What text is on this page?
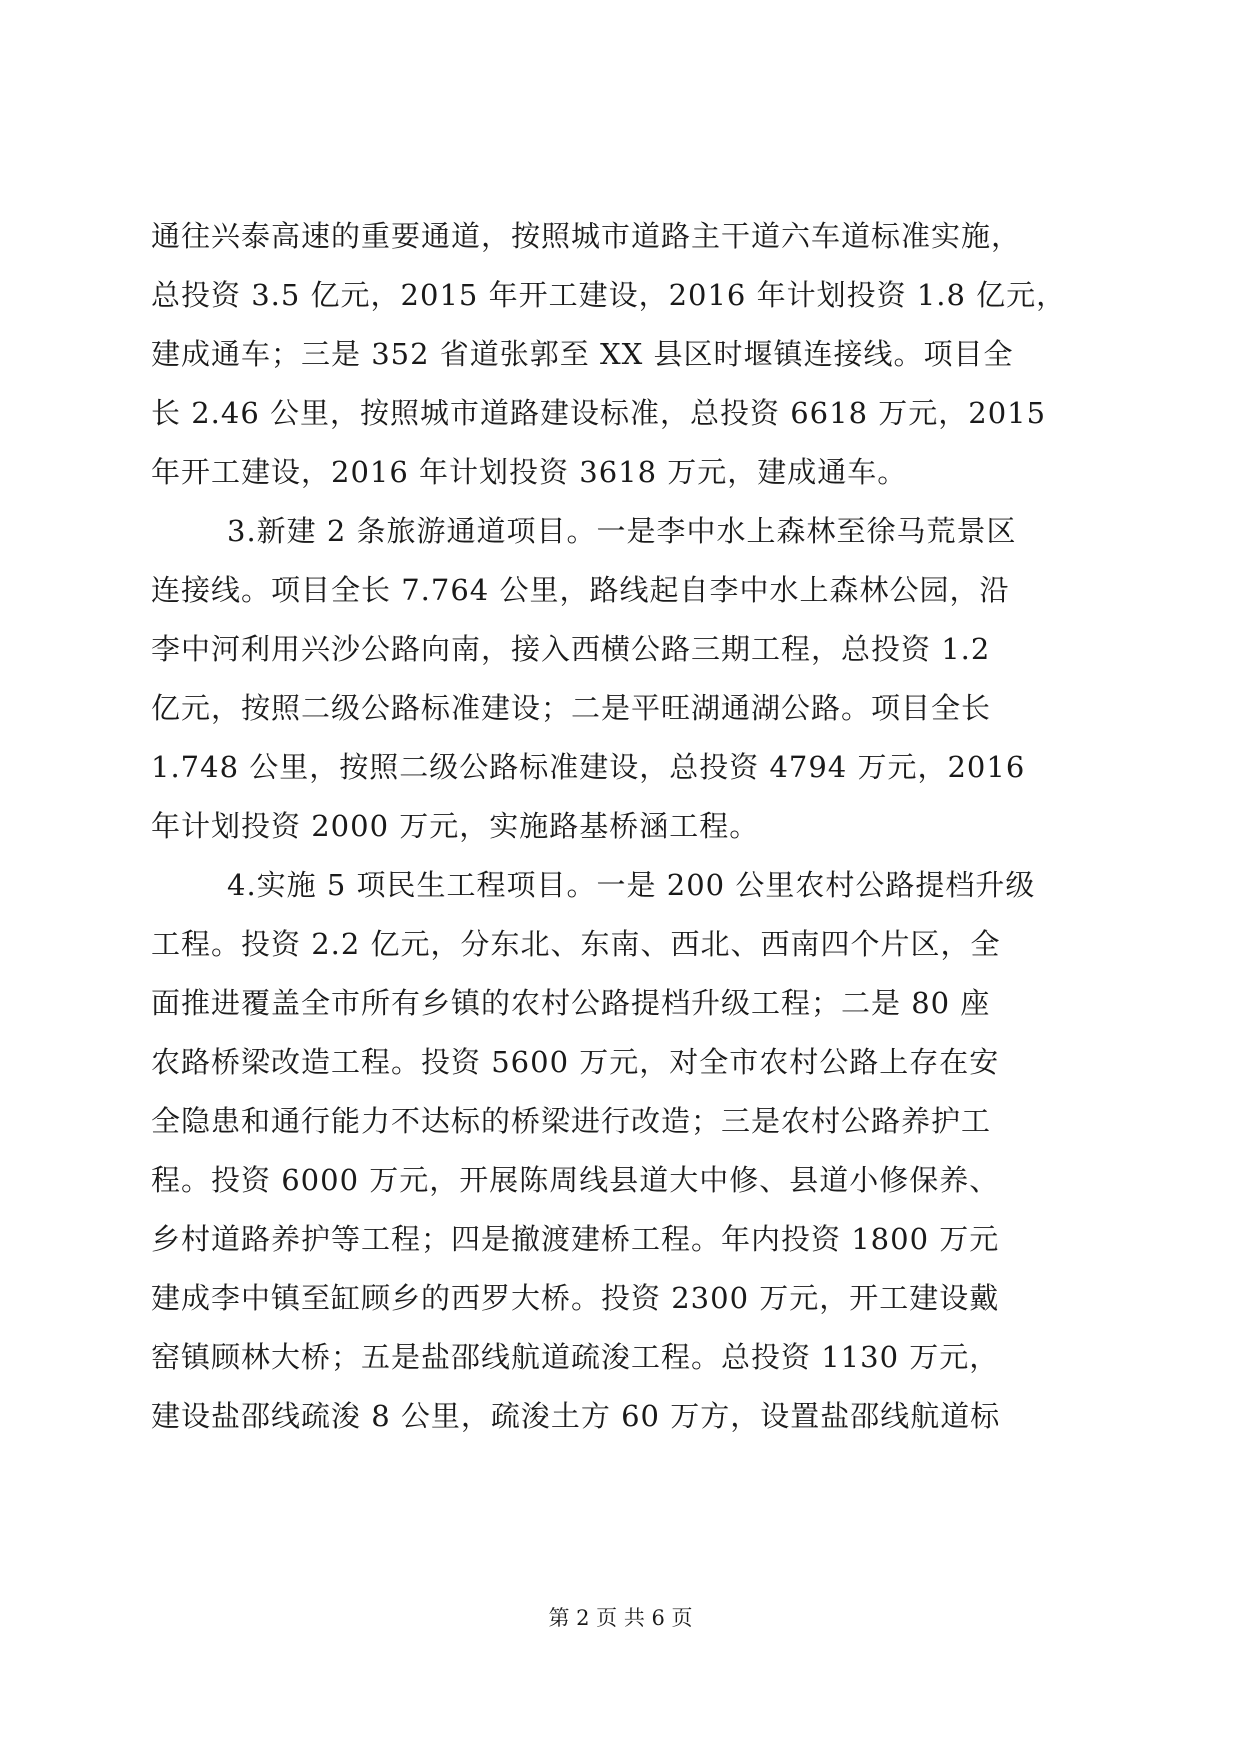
通往兴泰高速的重要通道，按照城市道路主干道六车道标准实施，
总投资 3.5 亿元，2015 年开工建设，2016 年计划投资 1.8 亿元，
建成通车；三是 352 省道张郭至 XX 县区时堰镇连接线。项目全
长 2.46 公里，按照城市道路建设标准，总投资 6618 万元，2015
年开工建设，2016 年计划投资 3618 万元，建成通车。
3.新建 2 条旅游通道项目。一是李中水上森林至徐马荒景区
连接线。项目全长 7.764 公里，路线起自李中水上森林公园，沿
李中河利用兴沙公路向南，接入西横公路三期工程，总投资 1.2
亿元，按照二级公路标准建设；二是平旺湖通湖公路。项目全长
1.748 公里，按照二级公路标准建设，总投资 4794 万元，2016
年计划投资 2000 万元，实施路基桥涵工程。
4.实施 5 项民生工程项目。一是 200 公里农村公路提档升级
工程。投资 2.2 亿元，分东北、东南、西北、西南四个片区，全
面推进覆盖全市所有乡镇的农村公路提档升级工程；二是 80 座
农路桥梁改造工程。投资 5600 万元，对全市农村公路上存在安
全隐患和通行能力不达标的桥梁进行改造；三是农村公路养护工
程。投资 6000 万元，开展陈周线县道大中修、县道小修保养、
乡村道路养护等工程；四是撤渡建桥工程。年内投资 1800 万元
建成李中镇至缸顾乡的西罗大桥。投资 2300 万元，开工建设戴
窑镇顾林大桥；五是盐邵线航道疏浚工程。总投资 1130 万元，
建设盐邵线疏浚 8 公里，疏浚土方 60 万方，设置盐邵线航道标
第 2 页 共 6 页
